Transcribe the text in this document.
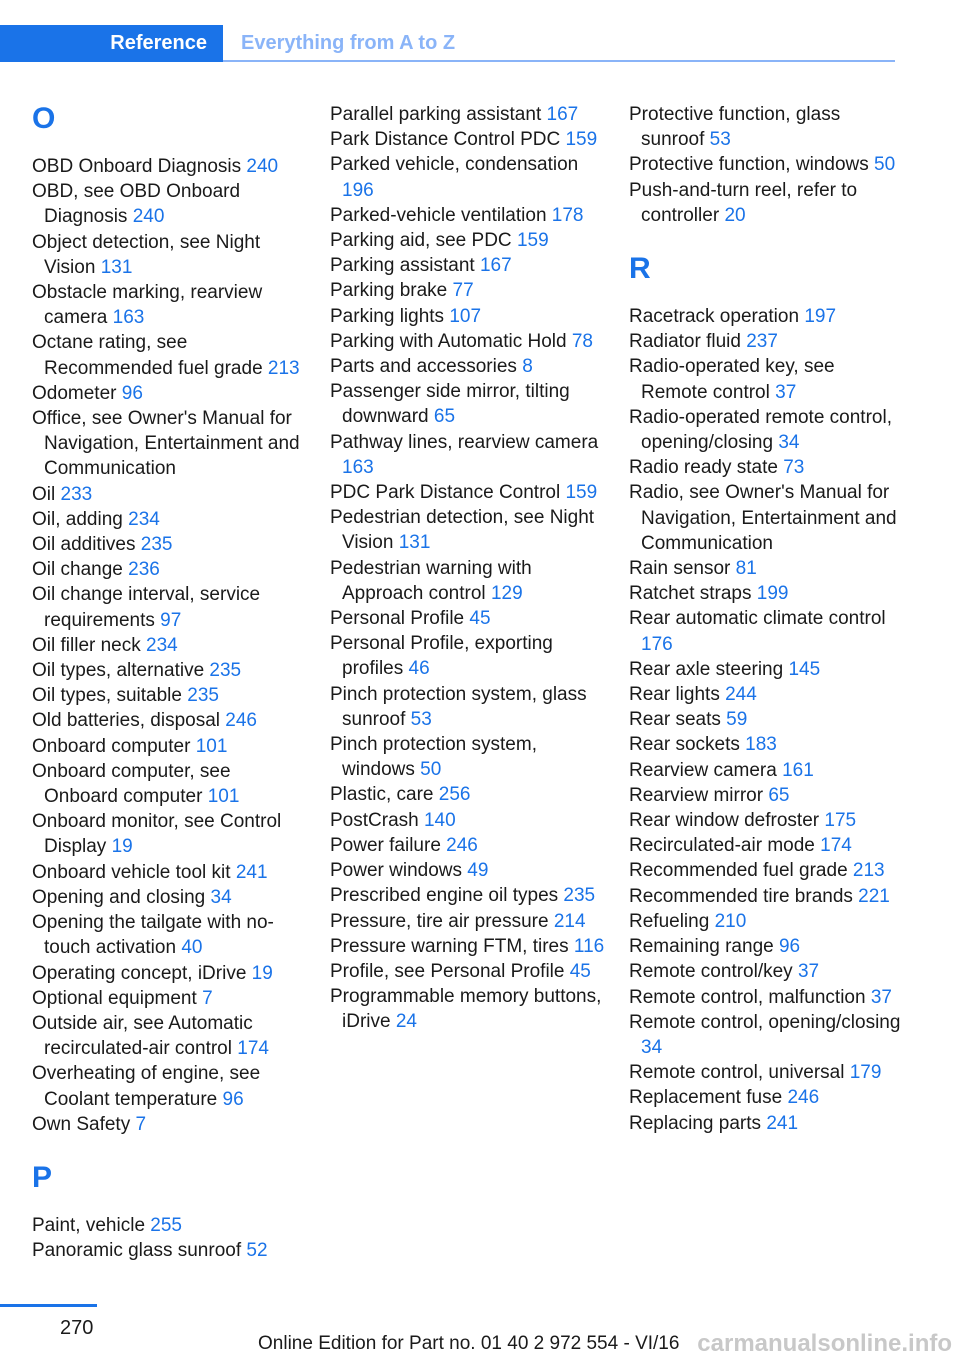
Reference	Everything from A to Z
O
OBD Onboard Diagnosis 240
OBD, see OBD Onboard Diagnosis 240
Object detection, see Night Vision 131
Obstacle marking, rearview camera 163
Octane rating, see Recommended fuel grade 213
Odometer 96
Office, see Owner's Manual for Navigation, Entertainment and Communication
Oil 233
Oil, adding 234
Oil additives 235
Oil change 236
Oil change interval, service requirements 97
Oil filler neck 234
Oil types, alternative 235
Oil types, suitable 235
Old batteries, disposal 246
Onboard computer 101
Onboard computer, see Onboard computer 101
Onboard monitor, see Control Display 19
Onboard vehicle tool kit 241
Opening and closing 34
Opening the tailgate with no-touch activation 40
Operating concept, iDrive 19
Optional equipment 7
Outside air, see Automatic recirculated-air control 174
Overheating of engine, see Coolant temperature 96
Own Safety 7
P
Paint, vehicle 255
Panoramic glass sunroof 52
Parallel parking assistant 167
Park Distance Control PDC 159
Parked vehicle, condensation 196
Parked-vehicle ventilation 178
Parking aid, see PDC 159
Parking assistant 167
Parking brake 77
Parking lights 107
Parking with Automatic Hold 78
Parts and accessories 8
Passenger side mirror, tilting downward 65
Pathway lines, rearview camera 163
PDC Park Distance Control 159
Pedestrian detection, see Night Vision 131
Pedestrian warning with Approach control 129
Personal Profile 45
Personal Profile, exporting profiles 46
Pinch protection system, glass sunroof 53
Pinch protection system, windows 50
Plastic, care 256
PostCrash 140
Power failure 246
Power windows 49
Prescribed engine oil types 235
Pressure, tire air pressure 214
Pressure warning FTM, tires 116
Profile, see Personal Profile 45
Programmable memory buttons, iDrive 24
Protective function, glass sunroof 53
Protective function, windows 50
Push-and-turn reel, refer to controller 20
R
Racetrack operation 197
Radiator fluid 237
Radio-operated key, see Remote control 37
Radio-operated remote control, opening/closing 34
Radio ready state 73
Radio, see Owner's Manual for Navigation, Entertainment and Communication
Rain sensor 81
Ratchet straps 199
Rear automatic climate control 176
Rear axle steering 145
Rear lights 244
Rear seats 59
Rear sockets 183
Rearview camera 161
Rearview mirror 65
Rear window defroster 175
Recirculated-air mode 174
Recommended fuel grade 213
Recommended tire brands 221
Refueling 210
Remaining range 96
Remote control/key 37
Remote control, malfunction 37
Remote control, opening/closing 34
Remote control, universal 179
Replacement fuse 246
Replacing parts 241
270
Online Edition for Part no. 01 40 2 972 554 - VI/16 carmanualsonline.info
